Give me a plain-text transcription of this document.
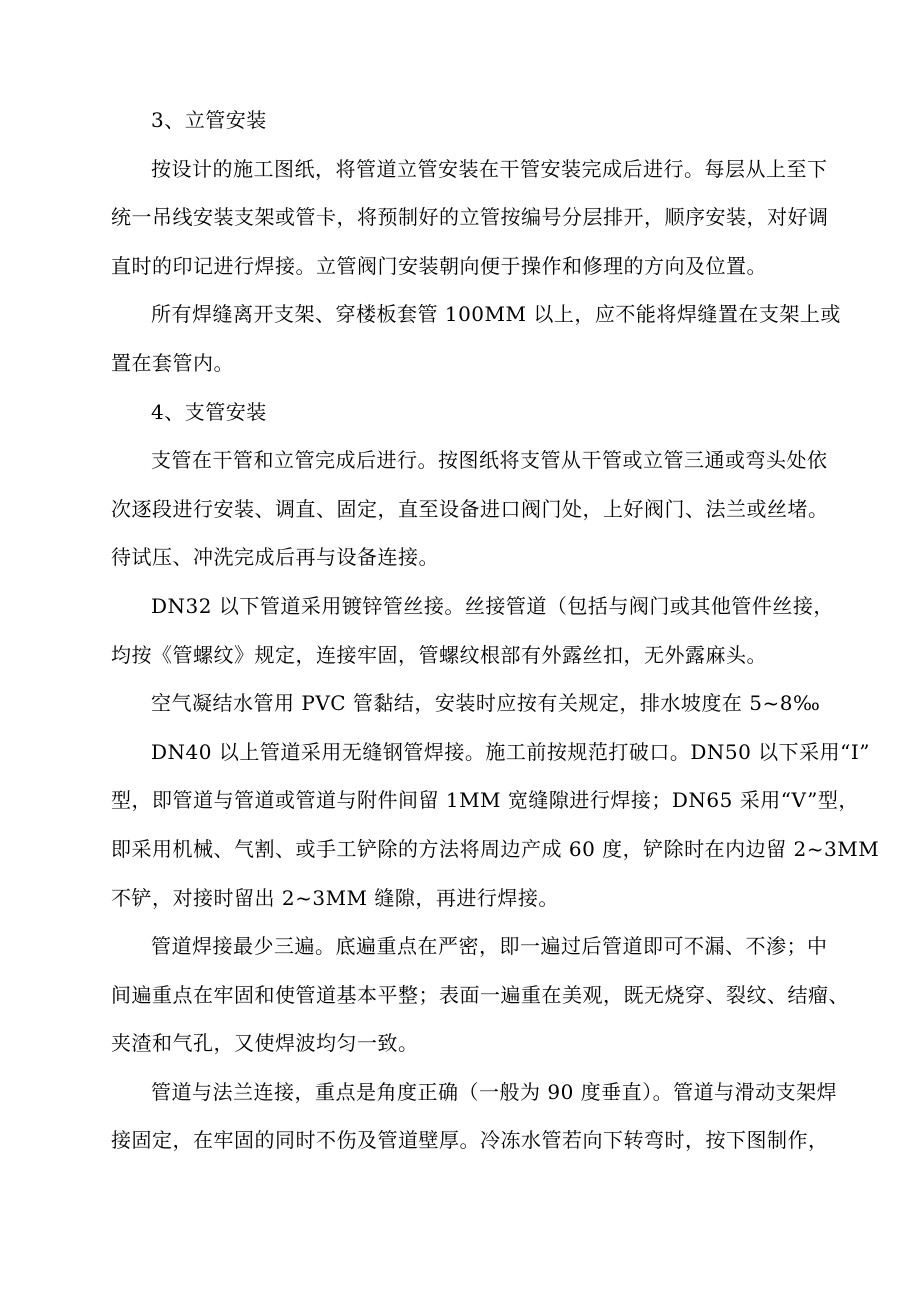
3、立管安装
按设计的施工图纸，将管道立管安装在干管安装完成后进行。每层从上至下
统一吊线安装支架或管卡，将预制好的立管按编号分层排开，顺序安装，对好调
直时的印记进行焊接。立管阀门安装朝向便于操作和修理的方向及位置。
所有焊缝离开支架、穿楼板套管 100MM 以上，应不能将焊缝置在支架上或
置在套管内。
4、支管安装
支管在干管和立管完成后进行。按图纸将支管从干管或立管三通或弯头处依
次逐段进行安装、调直、固定，直至设备进口阀门处，上好阀门、法兰或丝堵。
待试压、冲洗完成后再与设备连接。
DN32 以下管道采用镀锌管丝接。丝接管道（包括与阀门或其他管件丝接，
均按《管螺纹》规定，连接牢固，管螺纹根部有外露丝扣，无外露麻头。
空气凝结水管用 PVC 管黏结，安装时应按有关规定，排水坡度在 5~8‰
DN40 以上管道采用无缝钢管焊接。施工前按规范打破口。DN50 以下采用“I”
型，即管道与管道或管道与附件间留 1MM 宽缝隙进行焊接；DN65 采用“V”型，
即采用机械、气割、或手工铲除的方法将周边产成 60 度，铲除时在内边留 2~3MM
不铲，对接时留出 2~3MM 缝隙，再进行焊接。
管道焊接最少三遍。底遍重点在严密，即一遍过后管道即可不漏、不渗；中
间遍重点在牢固和使管道基本平整；表面一遍重在美观，既无烧穿、裂纹、结瘤、
夹渣和气孔，又使焊波均匀一致。
管道与法兰连接，重点是角度正确（一般为 90 度垂直）。管道与滑动支架焊
接固定，在牢固的同时不伤及管道壁厚。冷冻水管若向下转弯时，按下图制作，
